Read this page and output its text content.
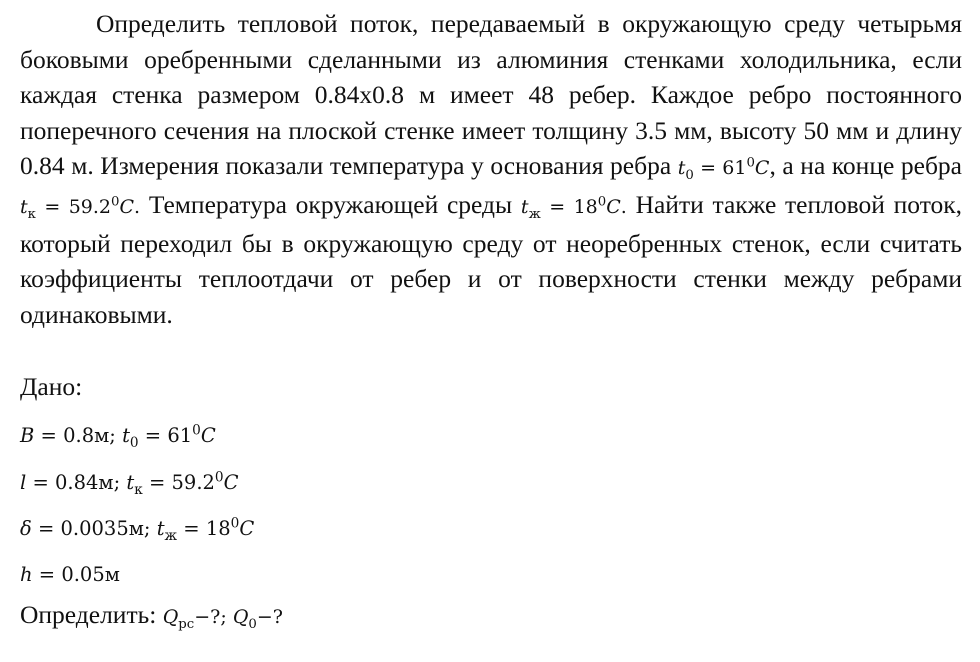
Определить тепловой поток, передаваемый в окружающую среду четырьмя боковыми оребренными сделанными из алюминия стенками холодильника, если каждая стенка размером 0.84х0.8 м имеет 48 ребер. Каждое ребро постоянного поперечного сечения на плоской стенке имеет толщину 3.5 мм, высоту 50 мм и длину 0.84 м. Измерения показали температура у основания ребра $t_0 = 61^0C$, а на конце ребра $t_к = 59.2^0C$. Температура окружающей среды $t_ж = 18^0C$. Найти также тепловой поток, который переходил бы в окружающую среду от неоребренных стенок, если считать коэффициенты теплоотдачи от ребер и от поверхности стенки между ребрами одинаковыми.

Дано:

B = 0.8м; $t_0 = 61^0C$
l = 0.84м; $t_к = 59.2^0C$
δ = 0.0035м; $t_ж = 18^0C$
h = 0.05м

Определить: $Q_{рс}-$?; $Q_0-$?
